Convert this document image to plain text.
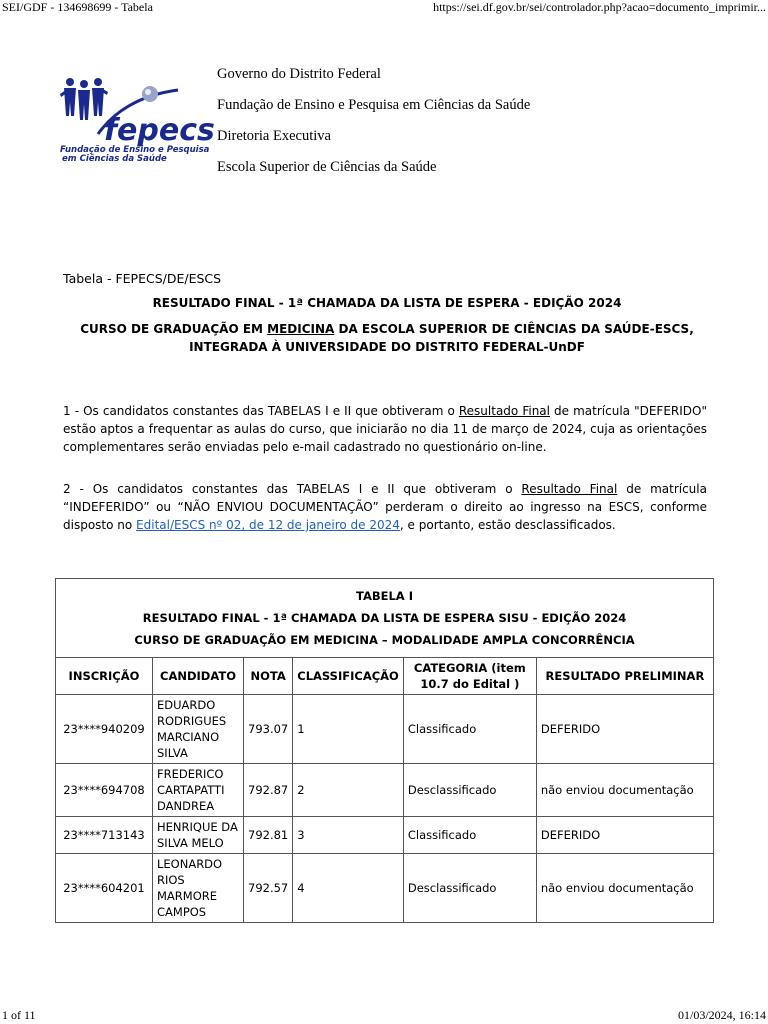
SEI/GDF - 134698699 - Tabela	https://sei.df.gov.br/sei/controlador.php?acao=documento_imprimir...
fepecs
Fundação de Ensino e Pesquisa
em Ciências da Saúde
Governo do Distrito Federal
Fundação de Ensino e Pesquisa em Ciências da Saúde
Diretoria Executiva
Escola Superior de Ciências da Saúde
Tabela - FEPECS/DE/ESCS
RESULTADO FINAL - 1ª CHAMADA DA LISTA DE ESPERA - EDIÇÃO 2024
CURSO DE GRADUAÇÃO EM MEDICINA DA ESCOLA SUPERIOR DE CIÊNCIAS DA SAÚDE-ESCS,
INTEGRADA À UNIVERSIDADE DO DISTRITO FEDERAL-UnDF
1 - Os candidatos constantes das TABELAS I e II que obtiveram o Resultado Final de matrícula "DEFERIDO" estão aptos a frequentar as aulas do curso, que iniciarão no dia 11 de março de 2024, cuja as orientações complementares serão enviadas pelo e-mail cadastrado no questionário on-line.
2 - Os candidatos constantes das TABELAS I e II que obtiveram o Resultado Final de matrícula “INDEFERIDO” ou “NÃO ENVIOU DOCUMENTAÇÃO” perderam o direito ao ingresso na ESCS, conforme disposto no Edital/ESCS nº 02, de 12 de janeiro de 2024, e portanto, estão desclassificados.
TABELA I
RESULTADO FINAL - 1ª CHAMADA DA LISTA DE ESPERA SISU - EDIÇÃO 2024
CURSO DE GRADUAÇÃO EM MEDICINA – MODALIDADE AMPLA CONCORRÊNCIA					

INSCRIÇÃO	CANDIDATO	NOTA	CLASSIFICAÇÃO	CATEGORIA (item 10.7 do Edital )	RESULTADO PRELIMINAR
23****940209	EDUARDO RODRIGUES MARCIANO SILVA	793.07	1	Classificado	DEFERIDO
23****694708	FREDERICO CARTAPATTI DANDREA	792.87	2	Desclassificado	não enviou documentação
23****713143	HENRIQUE DA SILVA MELO	792.81	3	Classificado	DEFERIDO
23****604201	LEONARDO RIOS MARMORE CAMPOS	792.57	4	Desclassificado	não enviou documentação
1 of 11	01/03/2024, 16:14
